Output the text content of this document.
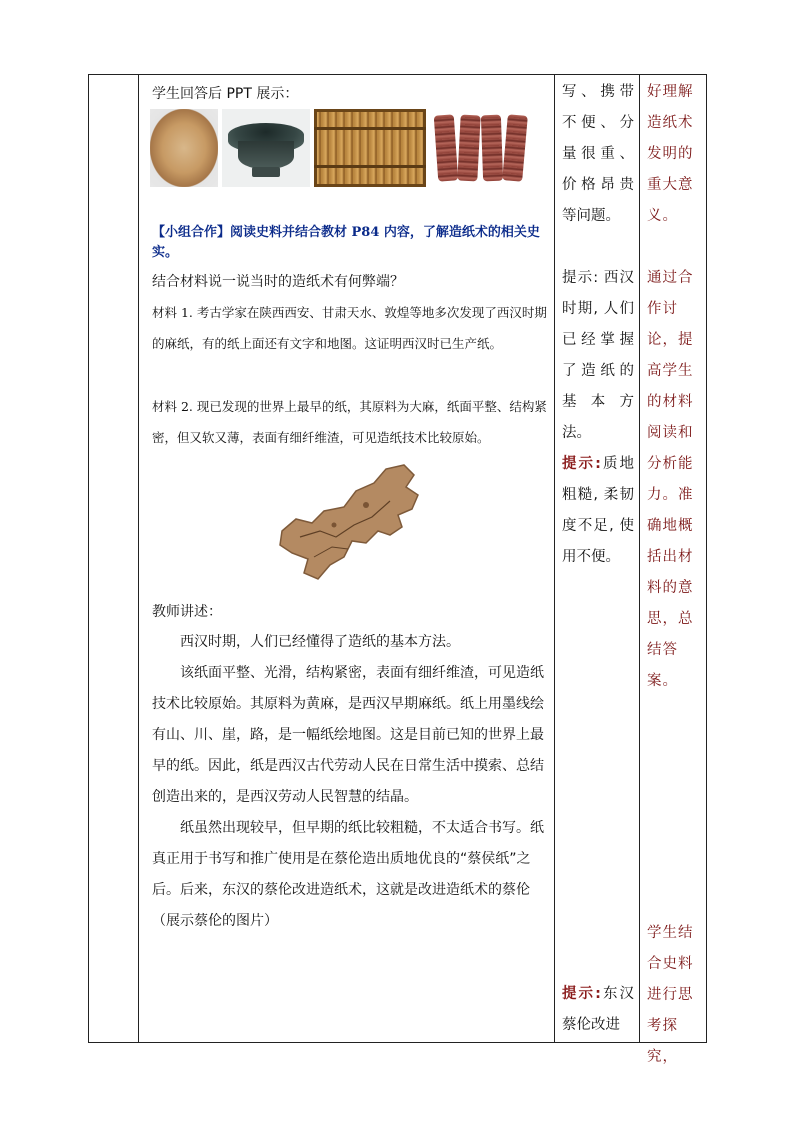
学生回答后 PPT 展示：
【小组合作】阅读史料并结合教材 P84 内容，了解造纸术的相关史实。
结合材料说一说当时的造纸术有何弊端？
材料 1. 考古学家在陕西西安、甘肃天水、敦煌等地多次发现了西汉时期的麻纸，有的纸上面还有文字和地图。这证明西汉时已生产纸。
材料 2. 现已发现的世界上最早的纸，其原料为大麻，纸面平整、结构紧密，但又软又薄，表面有细纤维渣，可见造纸技术比较原始。
教师讲述：
西汉时期，人们已经懂得了造纸的基本方法。
该纸面平整、光滑，结构紧密，表面有细纤维渣，可见造纸技术比较原始。其原料为黄麻，是西汉早期麻纸。纸上用墨线绘有山、川、崖，路，是一幅纸绘地图。这是目前已知的世界上最早的纸。因此，纸是西汉古代劳动人民在日常生活中摸索、总结创造出来的，是西汉劳动人民智慧的结晶。
纸虽然出现较早，但早期的纸比较粗糙，不太适合书写。纸真正用于书写和推广使用是在蔡伦造出质地优良的“蔡侯纸”之后。 后来，东汉的蔡伦改进造纸术，这就是改进造纸术的蔡伦（展示蔡伦的图片）
写、携带不便、分量很重、价格昂贵等问题。
提示: 西汉时期, 人们已经掌握了造纸的基本方法。
提示:质地粗糙, 柔韧度不足, 使用不便。
提示:东汉蔡伦改进
好理解造纸术发明的重大意义。
通过合作讨论，提高学生的材料阅读和分析能力。准确地概括出材料的意思，总结答案。
学生结合史料进行思考探究，
